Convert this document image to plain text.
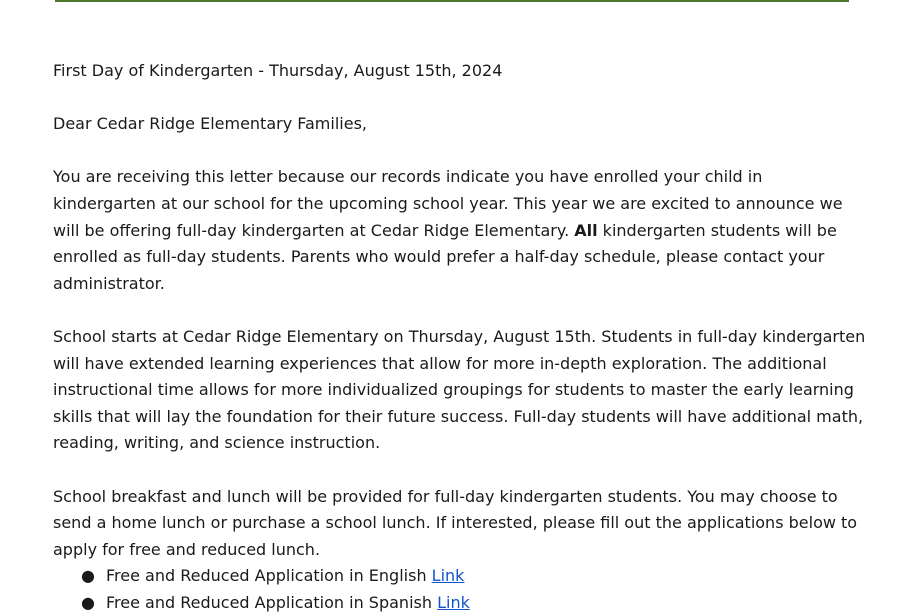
First Day of Kindergarten - Thursday, August 15th, 2024

Dear Cedar Ridge Elementary Families,

You are receiving this letter because our records indicate you have enrolled your child in

kindergarten at our school for the upcoming school year. This year we are excited to announce we

will be offering full-day kindergarten at Cedar Ridge Elementary. All kindergarten students will be

enrolled as full-day students. Parents who would prefer a half-day schedule, please contact your

administrator.

School starts at Cedar Ridge Elementary on Thursday, August 15th. Students in full-day kindergarten

will have extended learning experiences that allow for more in-depth exploration. The additional

instructional time allows for more individualized groupings for students to master the early learning

skills that will lay the foundation for their future success. Full-day students will have additional math,

reading, writing, and science instruction.

School breakfast and lunch will be provided for full-day kindergarten students. You may choose to

send a home lunch or purchase a school lunch. If interested, please fill out the applications below to

apply for free and reduced lunch.

● Free and Reduced Application in English Link
● Free and Reduced Application in Spanish Link
